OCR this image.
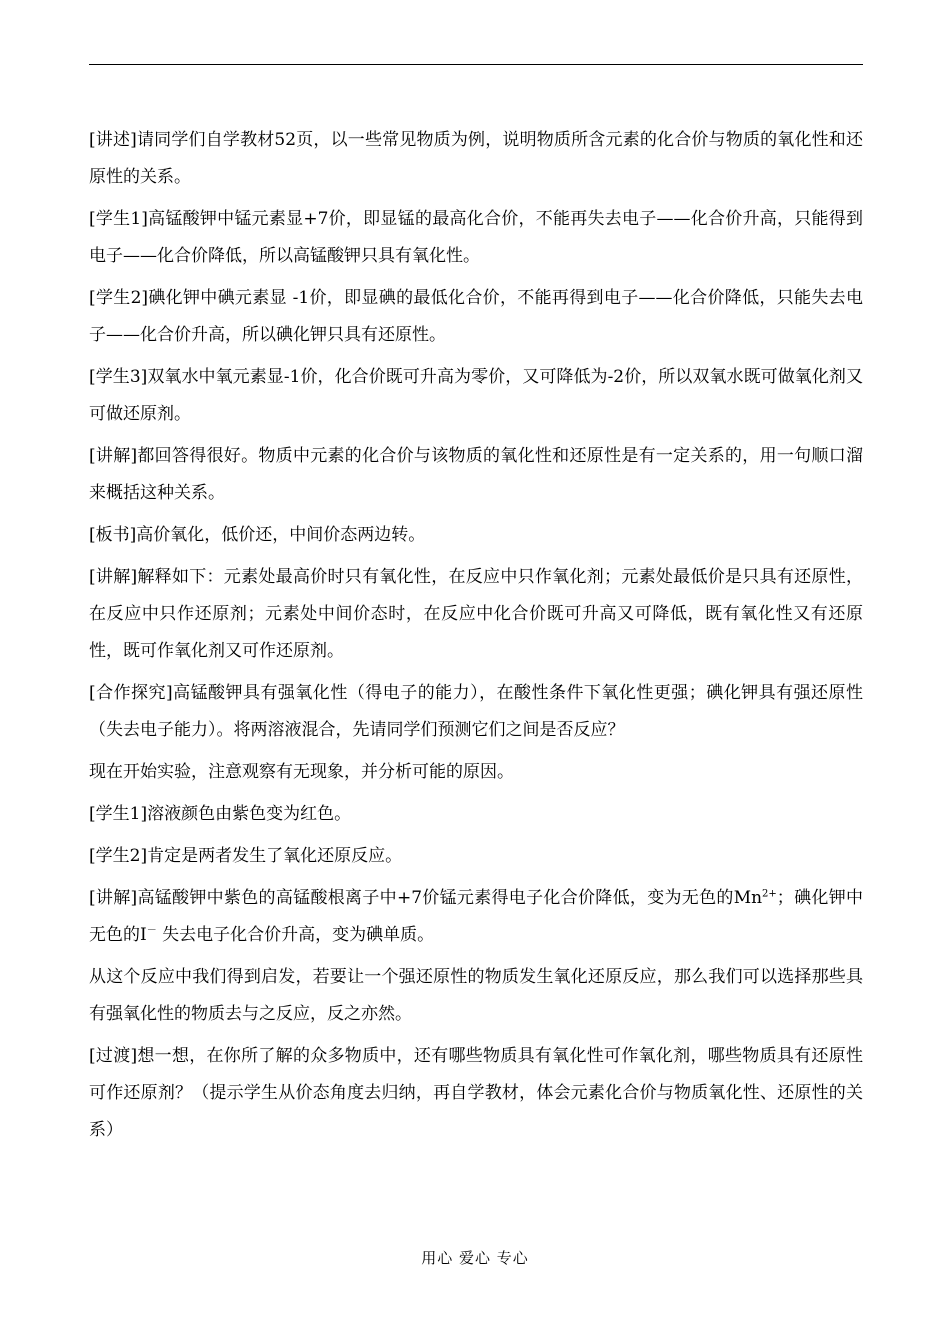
[讲述]请同学们自学教材52页，以一些常见物质为例，说明物质所含元素的化合价与物质的氧化性和还原性的关系。

[学生1]高锰酸钾中锰元素显+7价，即显锰的最高化合价，不能再失去电子——化合价升高，只能得到电子——化合价降低，所以高锰酸钾只具有氧化性。

[学生2]碘化钾中碘元素显 -1价，即显碘的最低化合价，不能再得到电子——化合价降低，只能失去电子——化合价升高，所以碘化钾只具有还原性。

[学生3]双氧水中氧元素显-1价，化合价既可升高为零价，又可降低为-2价，所以双氧水既可做氧化剂又可做还原剂。

[讲解]都回答得很好。物质中元素的化合价与该物质的氧化性和还原性是有一定关系的，用一句顺口溜来概括这种关系。

[板书]高价氧化，低价还，中间价态两边转。

[讲解]解释如下：元素处最高价时只有氧化性，在反应中只作氧化剂；元素处最低价是只具有还原性，在反应中只作还原剂；元素处中间价态时，在反应中化合价既可升高又可降低，既有氧化性又有还原性，既可作氧化剂又可作还原剂。

[合作探究]高锰酸钾具有强氧化性（得电子的能力），在酸性条件下氧化性更强；碘化钾具有强还原性（失去电子能力）。将两溶液混合，先请同学们预测它们之间是否反应？

现在开始实验，注意观察有无现象，并分析可能的原因。

[学生1]溶液颜色由紫色变为红色。

[学生2]肯定是两者发生了氧化还原反应。

[讲解]高锰酸钾中紫色的高锰酸根离子中+7价锰元素得电子化合价降低，变为无色的$Mn^{2+}$；碘化钾中无色的I－ 失去电子化合价升高，变为碘单质。

从这个反应中我们得到启发，若要让一个强还原性的物质发生氧化还原反应，那么我们可以选择那些具有强氧化性的物质去与之反应，反之亦然。

[过渡]想一想，在你所了解的众多物质中，还有哪些物质具有氧化性可作氧化剂，哪些物质具有还原性可作还原剂？（提示学生从价态角度去归纳，再自学教材，体会元素化合价与物质氧化性、还原性的关系）

用心 爱心 专心
